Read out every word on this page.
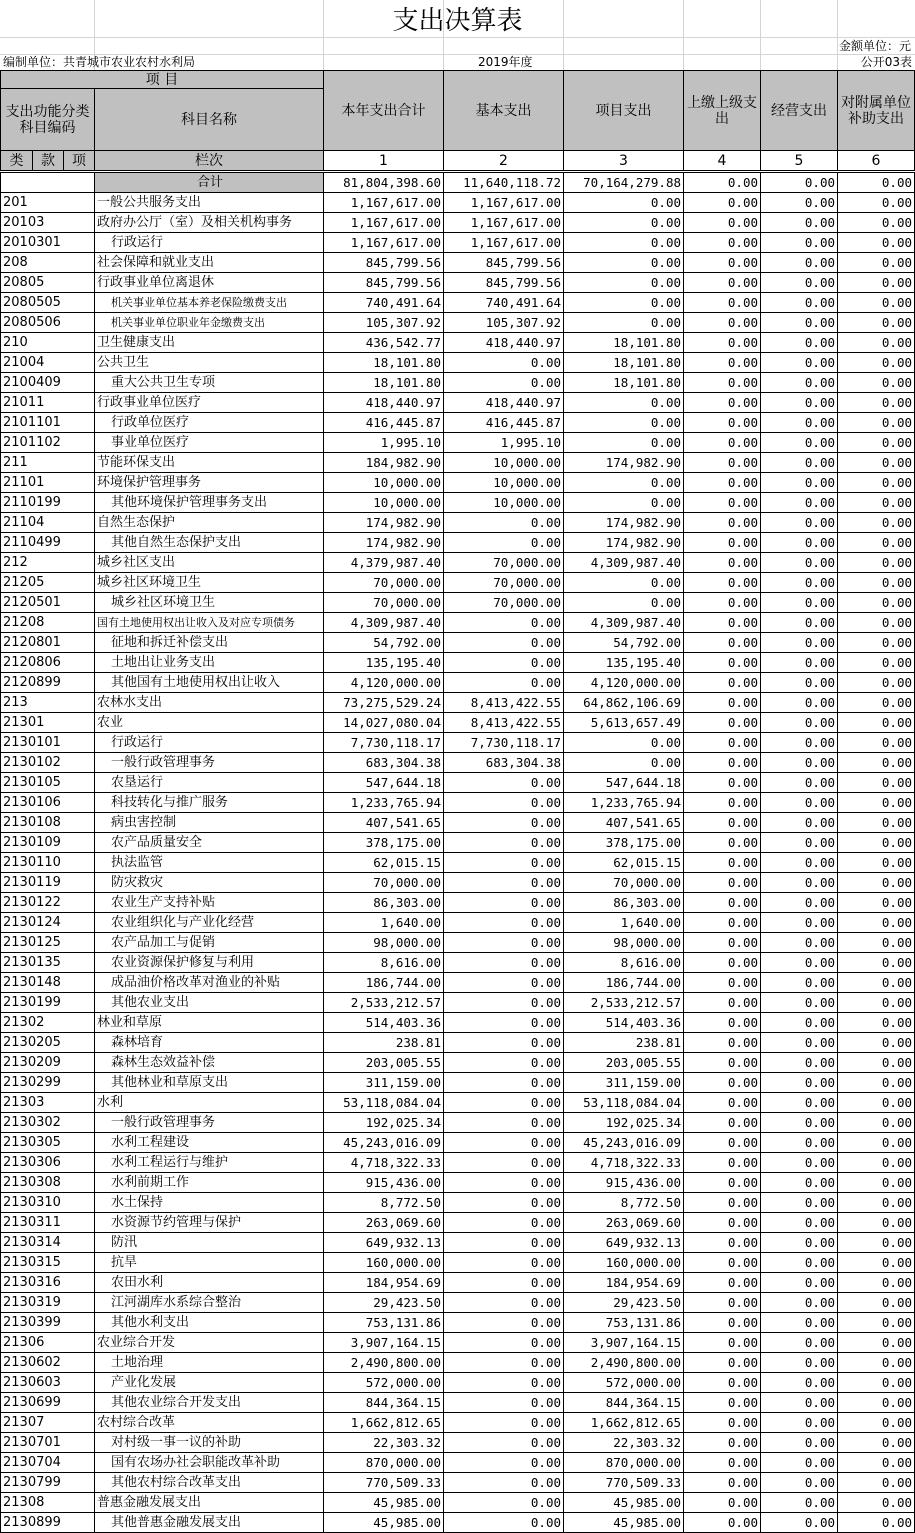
支出决算表
金额单位：元
编制单位：共青城市农业农村水利局	2019年度	公开03表
项 目				本年支出合计	基本支出	项目支出	上缴上级支出	经营支出	对附属单位补助支出
支出功能分类科目编码			科目名称						
类	款	项	栏次	1	2	3	4	5	6
	合计	81,804,398.60	11,640,118.72	70,164,279.88	0.00	0.00	0.00
201	一般公共服务支出	1,167,617.00	1,167,617.00	0.00	0.00	0.00	0.00
20103	政府办公厅（室）及相关机构事务	1,167,617.00	1,167,617.00	0.00	0.00	0.00	0.00
2010301	行政运行	1,167,617.00	1,167,617.00	0.00	0.00	0.00	0.00
208	社会保障和就业支出	845,799.56	845,799.56	0.00	0.00	0.00	0.00
20805	行政事业单位离退休	845,799.56	845,799.56	0.00	0.00	0.00	0.00
2080505	机关事业单位基本养老保险缴费支出	740,491.64	740,491.64	0.00	0.00	0.00	0.00
2080506	机关事业单位职业年金缴费支出	105,307.92	105,307.92	0.00	0.00	0.00	0.00
210	卫生健康支出	436,542.77	418,440.97	18,101.80	0.00	0.00	0.00
21004	公共卫生	18,101.80	0.00	18,101.80	0.00	0.00	0.00
2100409	重大公共卫生专项	18,101.80	0.00	18,101.80	0.00	0.00	0.00
21011	行政事业单位医疗	418,440.97	418,440.97	0.00	0.00	0.00	0.00
2101101	行政单位医疗	416,445.87	416,445.87	0.00	0.00	0.00	0.00
2101102	事业单位医疗	1,995.10	1,995.10	0.00	0.00	0.00	0.00
211	节能环保支出	184,982.90	10,000.00	174,982.90	0.00	0.00	0.00
21101	环境保护管理事务	10,000.00	10,000.00	0.00	0.00	0.00	0.00
2110199	其他环境保护管理事务支出	10,000.00	10,000.00	0.00	0.00	0.00	0.00
21104	自然生态保护	174,982.90	0.00	174,982.90	0.00	0.00	0.00
2110499	其他自然生态保护支出	174,982.90	0.00	174,982.90	0.00	0.00	0.00
212	城乡社区支出	4,379,987.40	70,000.00	4,309,987.40	0.00	0.00	0.00
21205	城乡社区环境卫生	70,000.00	70,000.00	0.00	0.00	0.00	0.00
2120501	城乡社区环境卫生	70,000.00	70,000.00	0.00	0.00	0.00	0.00
21208	国有土地使用权出让收入及对应专项债务	4,309,987.40	0.00	4,309,987.40	0.00	0.00	0.00
2120801	征地和拆迁补偿支出	54,792.00	0.00	54,792.00	0.00	0.00	0.00
2120806	土地出让业务支出	135,195.40	0.00	135,195.40	0.00	0.00	0.00
2120899	其他国有土地使用权出让收入	4,120,000.00	0.00	4,120,000.00	0.00	0.00	0.00
213	农林水支出	73,275,529.24	8,413,422.55	64,862,106.69	0.00	0.00	0.00
21301	农业	14,027,080.04	8,413,422.55	5,613,657.49	0.00	0.00	0.00
2130101	行政运行	7,730,118.17	7,730,118.17	0.00	0.00	0.00	0.00
2130102	一般行政管理事务	683,304.38	683,304.38	0.00	0.00	0.00	0.00
2130105	农垦运行	547,644.18	0.00	547,644.18	0.00	0.00	0.00
2130106	科技转化与推广服务	1,233,765.94	0.00	1,233,765.94	0.00	0.00	0.00
2130108	病虫害控制	407,541.65	0.00	407,541.65	0.00	0.00	0.00
2130109	农产品质量安全	378,175.00	0.00	378,175.00	0.00	0.00	0.00
2130110	执法监管	62,015.15	0.00	62,015.15	0.00	0.00	0.00
2130119	防灾救灾	70,000.00	0.00	70,000.00	0.00	0.00	0.00
2130122	农业生产支持补贴	86,303.00	0.00	86,303.00	0.00	0.00	0.00
2130124	农业组织化与产业化经营	1,640.00	0.00	1,640.00	0.00	0.00	0.00
2130125	农产品加工与促销	98,000.00	0.00	98,000.00	0.00	0.00	0.00
2130135	农业资源保护修复与利用	8,616.00	0.00	8,616.00	0.00	0.00	0.00
2130148	成品油价格改革对渔业的补贴	186,744.00	0.00	186,744.00	0.00	0.00	0.00
2130199	其他农业支出	2,533,212.57	0.00	2,533,212.57	0.00	0.00	0.00
21302	林业和草原	514,403.36	0.00	514,403.36	0.00	0.00	0.00
2130205	森林培育	238.81	0.00	238.81	0.00	0.00	0.00
2130209	森林生态效益补偿	203,005.55	0.00	203,005.55	0.00	0.00	0.00
2130299	其他林业和草原支出	311,159.00	0.00	311,159.00	0.00	0.00	0.00
21303	水利	53,118,084.04	0.00	53,118,084.04	0.00	0.00	0.00
2130302	一般行政管理事务	192,025.34	0.00	192,025.34	0.00	0.00	0.00
2130305	水利工程建设	45,243,016.09	0.00	45,243,016.09	0.00	0.00	0.00
2130306	水利工程运行与维护	4,718,322.33	0.00	4,718,322.33	0.00	0.00	0.00
2130308	水利前期工作	915,436.00	0.00	915,436.00	0.00	0.00	0.00
2130310	水土保持	8,772.50	0.00	8,772.50	0.00	0.00	0.00
2130311	水资源节约管理与保护	263,069.60	0.00	263,069.60	0.00	0.00	0.00
2130314	防汛	649,932.13	0.00	649,932.13	0.00	0.00	0.00
2130315	抗旱	160,000.00	0.00	160,000.00	0.00	0.00	0.00
2130316	农田水利	184,954.69	0.00	184,954.69	0.00	0.00	0.00
2130319	江河湖库水系综合整治	29,423.50	0.00	29,423.50	0.00	0.00	0.00
2130399	其他水利支出	753,131.86	0.00	753,131.86	0.00	0.00	0.00
21306	农业综合开发	3,907,164.15	0.00	3,907,164.15	0.00	0.00	0.00
2130602	土地治理	2,490,800.00	0.00	2,490,800.00	0.00	0.00	0.00
2130603	产业化发展	572,000.00	0.00	572,000.00	0.00	0.00	0.00
2130699	其他农业综合开发支出	844,364.15	0.00	844,364.15	0.00	0.00	0.00
21307	农村综合改革	1,662,812.65	0.00	1,662,812.65	0.00	0.00	0.00
2130701	对村级一事一议的补助	22,303.32	0.00	22,303.32	0.00	0.00	0.00
2130704	国有农场办社会职能改革补助	870,000.00	0.00	870,000.00	0.00	0.00	0.00
2130799	其他农村综合改革支出	770,509.33	0.00	770,509.33	0.00	0.00	0.00
21308	普惠金融发展支出	45,985.00	0.00	45,985.00	0.00	0.00	0.00
2130899	其他普惠金融发展支出	45,985.00	0.00	45,985.00	0.00	0.00	0.00
